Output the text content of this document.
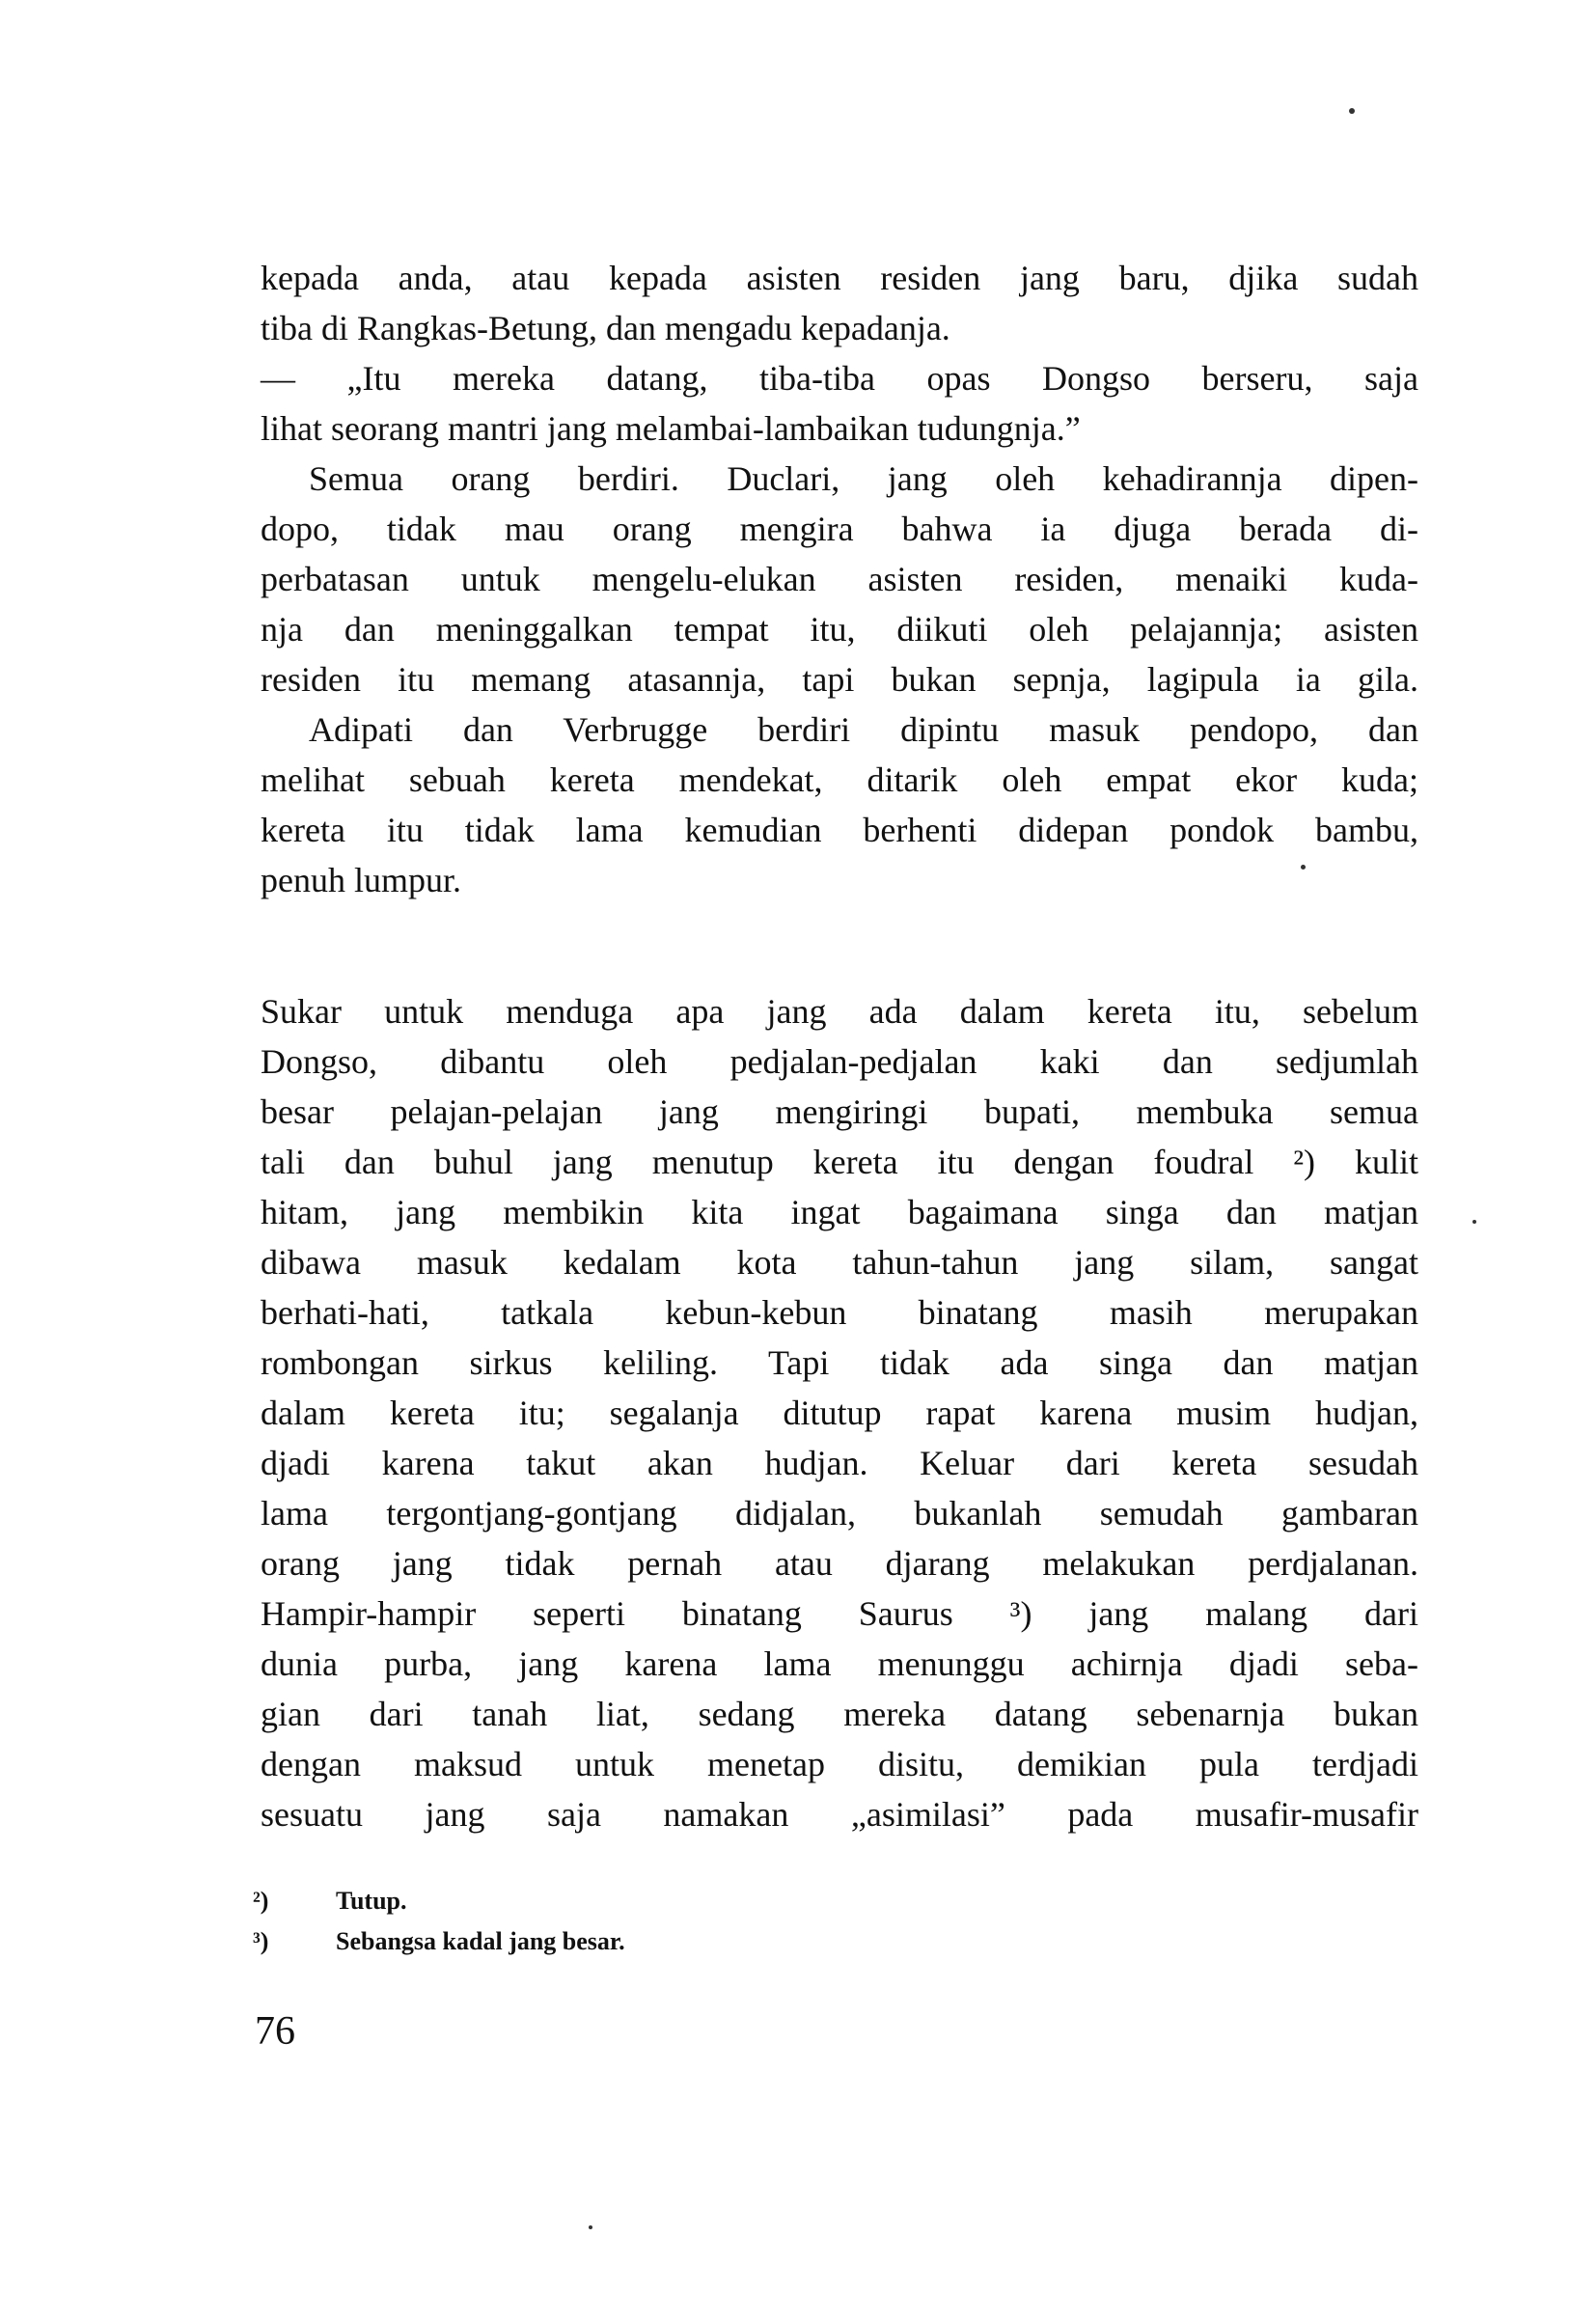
kepada anda, atau kepada asisten residen jang baru, djika sudah
tiba di Rangkas-Betung, dan mengadu kepadanja.
— „Itu mereka datang, tiba-tiba opas Dongso berseru, saja
lihat seorang mantri jang melambai-lambaikan tudungnja.”
Semua orang berdiri. Duclari, jang oleh kehadirannja dipen-
dopo, tidak mau orang mengira bahwa ia djuga berada di-
perbatasan untuk mengelu-elukan asisten residen, menaiki kuda-
nja dan meninggalkan tempat itu, diikuti oleh pelajannja; asisten
residen itu memang atasannja, tapi bukan sepnja, lagipula ia gila.
Adipati dan Verbrugge berdiri dipintu masuk pendopo, dan
melihat sebuah kereta mendekat, ditarik oleh empat ekor kuda;
kereta itu tidak lama kemudian berhenti didepan pondok bambu,
penuh lumpur.
Sukar untuk menduga apa jang ada dalam kereta itu, sebelum
Dongso, dibantu oleh pedjalan-pedjalan kaki dan sedjumlah
besar pelajan-pelajan jang mengiringi bupati, membuka semua
tali dan buhul jang menutup kereta itu dengan foudral ²) kulit
hitam, jang membikin kita ingat bagaimana singa dan matjan
dibawa masuk kedalam kota tahun-tahun jang silam, sangat
berhati-hati, tatkala kebun-kebun binatang masih merupakan
rombongan sirkus keliling. Tapi tidak ada singa dan matjan
dalam kereta itu; segalanja ditutup rapat karena musim hudjan,
djadi karena takut akan hudjan. Keluar dari kereta sesudah
lama tergontjang-gontjang didjalan, bukanlah semudah gambaran
orang jang tidak pernah atau djarang melakukan perdjalanan.
Hampir-hampir seperti binatang Saurus ³) jang malang dari
dunia purba, jang karena lama menunggu achirnja djadi seba-
gian dari tanah liat, sedang mereka datang sebenarnja bukan
dengan maksud untuk menetap disitu, demikian pula terdjadi
sesuatu jang saja namakan „asimilasi” pada musafir-musafir
²)	Tutup.
³)	Sebangsa kadal jang besar.
76
